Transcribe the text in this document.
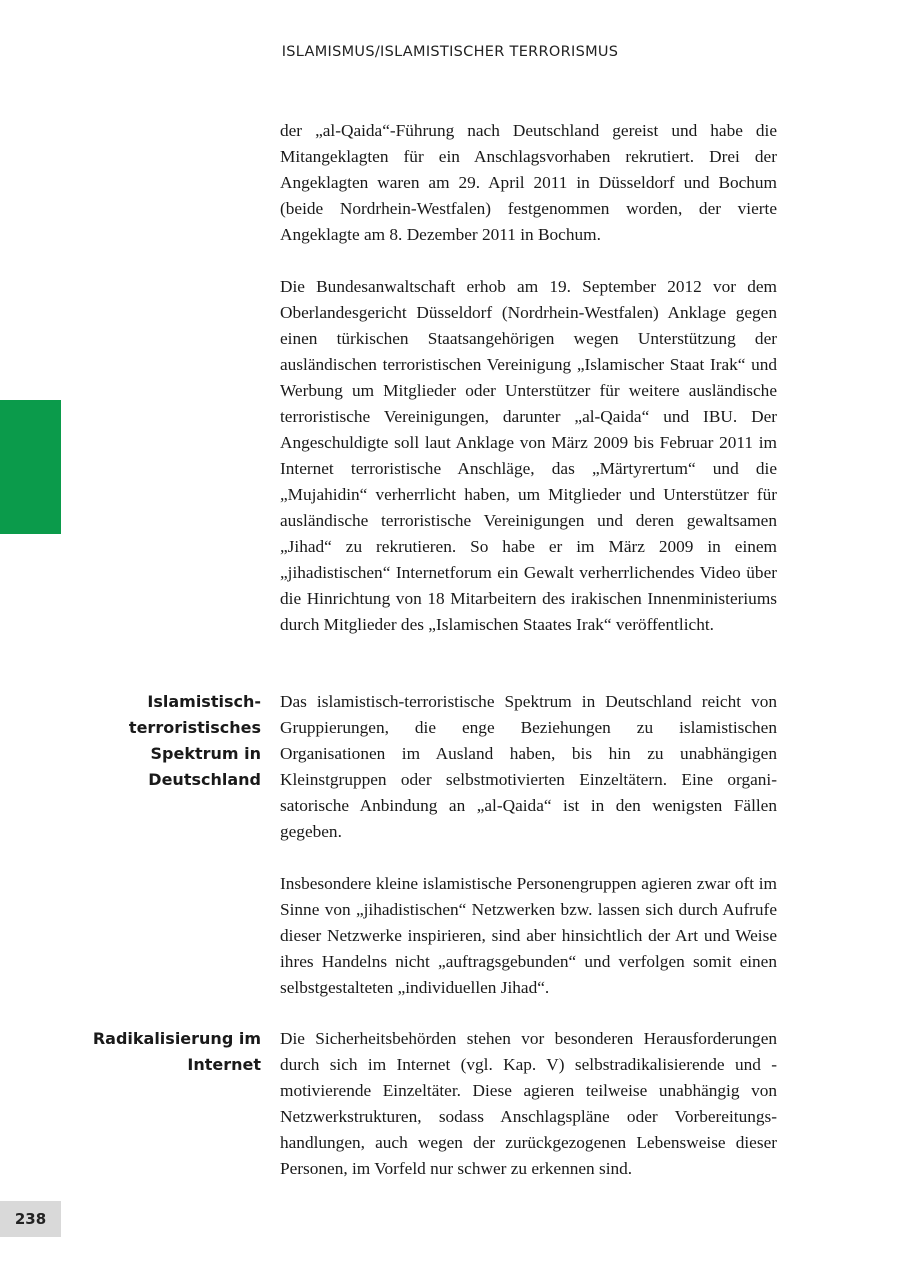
ISLAMISMUS/ISLAMISTISCHER TERRORISMUS

der „al-Qaida“-Führung nach Deutschland gereist und habe die Mitangeklagten für ein Anschlagsvorhaben rekrutiert. Drei der Angeklagten waren am 29. April 2011 in Düsseldorf und Bochum (beide Nordrhein-Westfalen) festgenommen worden, der vierte Angeklagte am 8. Dezember 2011 in Bochum.

Die Bundesanwaltschaft erhob am 19. September 2012 vor dem Oberlandesgericht Düsseldorf (Nordrhein-Westfalen) Anklage gegen einen türkischen Staatsangehörigen wegen Unterstützung der ausländischen terroristischen Vereinigung „Islamischer Staat Irak“ und Werbung um Mitglieder oder Unterstützer für weitere ausländische terroristische Vereinigungen, darunter „al-Qaida“ und IBU. Der Angeschuldigte soll laut Anklage von März 2009 bis Februar 2011 im Internet terroristische Anschläge, das „Märtyrertum“ und die „Mujahidin“ verherrlicht haben, um Mitglieder und Unterstützer für ausländische terroristische Vereinigungen und deren gewaltsamen „Jihad“ zu rekrutieren. So habe er im März 2009 in einem „jihadistischen“ Internetforum ein Gewalt verherrlichendes Video über die Hinrichtung von 18 Mitarbeitern des irakischen Innenministeriums durch Mitglieder des „Islamischen Staates Irak“ veröffentlicht.

Islamistisch-
terroristisches
Spektrum in
Deutschland

Das islamistisch-terroristische Spektrum in Deutschland reicht von Gruppierungen, die enge Beziehungen zu islamistischen Organisationen im Ausland haben, bis hin zu unabhängigen Kleinstgruppen oder selbstmotivierten Einzeltätern. Eine organisatorische Anbindung an „al-Qaida“ ist in den wenigsten Fällen gegeben.

Insbesondere kleine islamistische Personengruppen agieren zwar oft im Sinne von „jihadistischen“ Netzwerken bzw. lassen sich durch Aufrufe dieser Netzwerke inspirieren, sind aber hinsichtlich der Art und Weise ihres Handelns nicht „auftragsgebunden“ und verfolgen somit einen selbstgestalteten „individuellen Jihad“.

Radikalisierung im
Internet

Die Sicherheitsbehörden stehen vor besonderen Herausforderungen durch sich im Internet (vgl. Kap. V) selbstradikalisierende und -motivierende Einzeltäter. Diese agieren teilweise unabhängig von Netzwerkstrukturen, sodass Anschlagspläne oder Vorbereitungshandlungen, auch wegen der zurückgezogenen Lebensweise dieser Personen, im Vorfeld nur schwer zu erkennen sind.

238
